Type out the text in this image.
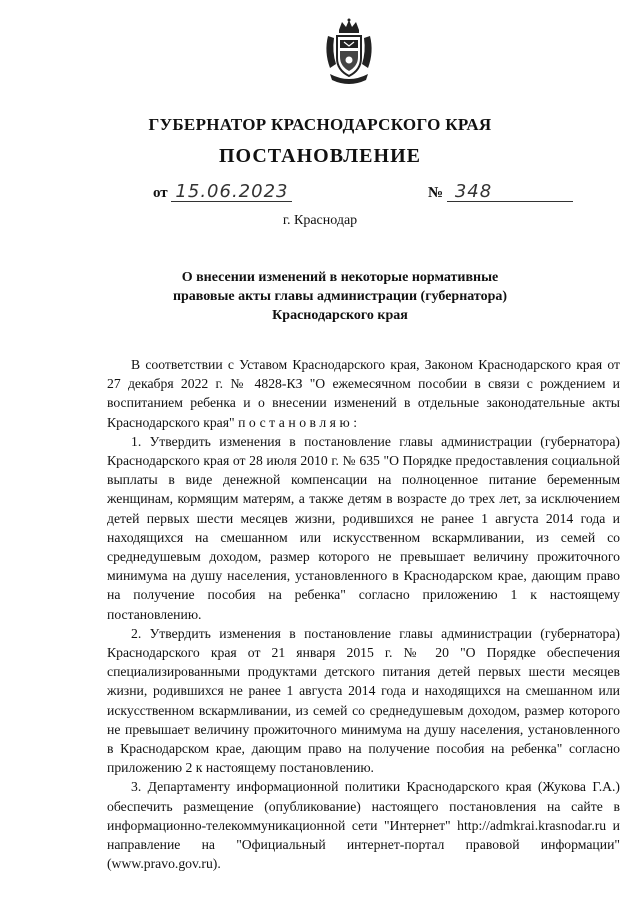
ГУБЕРНАТОР КРАСНОДАРСКОГО КРАЯ
ПОСТАНОВЛЕНИЕ
от 15.06.2023	№ 348
г. Краснодар
О внесении изменений в некоторые нормативные
правовые акты главы администрации (губернатора)
Краснодарского края

В соответствии с Уставом Краснодарского края, Законом Краснодарского края от 27 декабря 2022 г. № 4828-КЗ "О ежемесячном пособии в связи с рождением и воспитанием ребенка и о внесении изменений в отдельные законодательные акты Краснодарского края" постановляю:

1. Утвердить изменения в постановление главы администрации (губернатора) Краснодарского края от 28 июля 2010 г. № 635 "О Порядке предоставления социальной выплаты в виде денежной компенсации на полноценное питание беременным женщинам, кормящим матерям, а также детям в возрасте до трех лет, за исключением детей первых шести месяцев жизни, родившихся не ранее 1 августа 2014 года и находящихся на смешанном или искусственном вскармливании, из семей со среднедушевым доходом, размер которого не превышает величину прожиточного минимума на душу населения, установленного в Краснодарском крае, дающим право на получение пособия на ребенка" согласно приложению 1 к настоящему постановлению.

2. Утвердить изменения в постановление главы администрации (губернатора) Краснодарского края от 21 января 2015 г. № 20 "О Порядке обеспечения специализированными продуктами детского питания детей первых шести месяцев жизни, родившихся не ранее 1 августа 2014 года и находящихся на смешанном или искусственном вскармливании, из семей со среднедушевым доходом, размер которого не превышает величину прожиточного минимума на душу населения, установленного в Краснодарском крае, дающим право на получение пособия на ребенка" согласно приложению 2 к настоящему постановлению.

3. Департаменту информационной политики Краснодарского края (Жукова Г.А.) обеспечить размещение (опубликование) настоящего постановления на сайте в информационно-телекоммуникационной сети "Интернет" http://admkrai.krasnodar.ru и направление на "Официальный интернет-портал правовой информации" (www.pravo.gov.ru).
